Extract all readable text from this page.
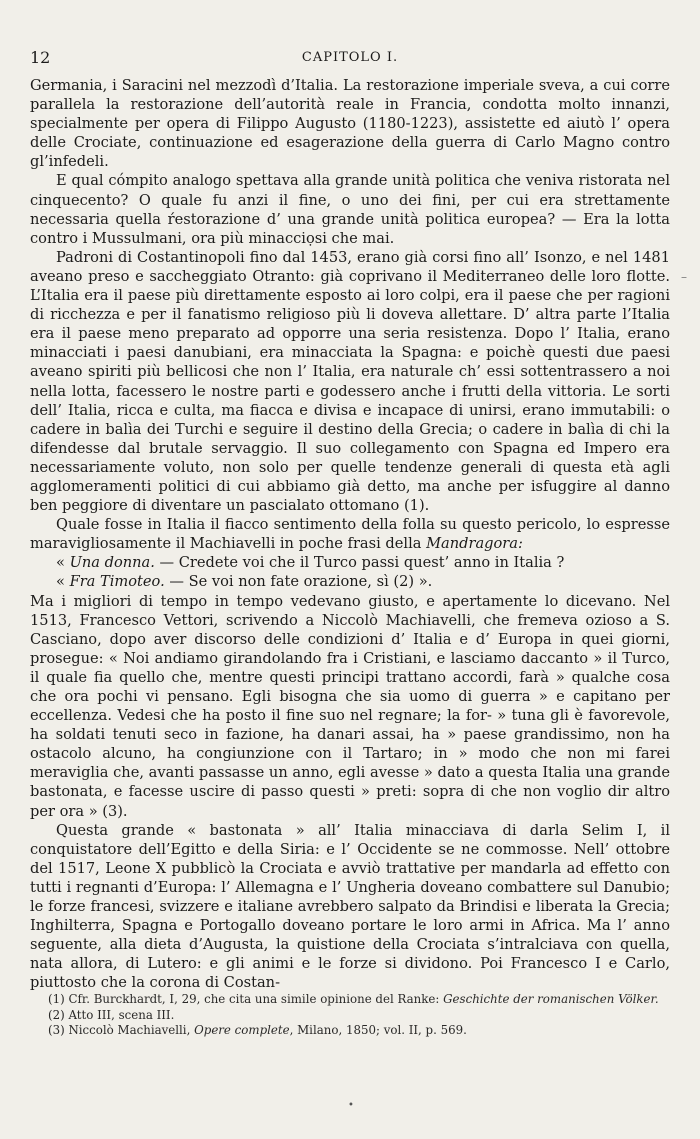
12	CAPITOLO I.

Germania, i Saracini nel mezzodì d’Italia. La restorazione imperiale sveva, a cui corre parallela la restorazione dell’autorità reale in Francia, condotta molto innanzi, specialmente per opera di Filippo Augusto (1180-1223), assistette ed aiutò l’ opera delle Crociate, continuazione ed esagerazione della guerra di Carlo Magno contro gl’infedeli.

E qual cómpito analogo spettava alla grande unità politica che veniva ristorata nel cinquecento? O quale fu anzi il fine, o uno dei fini, per cui era strettamente necessaria quella ŕestorazione d’ una grande unità politica europea? — Era la lotta contro i Mussulmani, ora più minacciọsi che mai.

Padroni di Costantinopoli fino dal 1453, erano già corsi fino all’ Isonzo, e nel 1481 aveano preso e saccheggiato Otranto: già coprivano il Mediterraneo delle loro flotte. L’Italia era il paese più direttamente esposto ai loro colpi, era il paese che per ragioni di ricchezza e per il fanatismo religioso più li doveva allettare. D’ altra parte l’Italia era il paese meno preparato ad opporre una seria resistenza. Dopo l’ Italia, erano minacciati i paesi danubiani, era minacciata la Spagna: e poichè questi due paesi aveano spiriti più bellicosi che non l’ Italia, era naturale ch’ essi sottentrassero a noi nella lotta, facessero le nostre parti e godessero anche i frutti della vittoria. Le sorti dell’ Italia, ricca e culta, ma fiacca e divisa e incapace di unirsi, erano immutabili: o cadere in balìa dei Turchi e seguire il destino della Grecia; o cadere in balìa di chi la difendesse dal brutale servaggio. Il suo collegamento con Spagna ed Impero era necessariamente voluto, non solo per quelle tendenze generali di questa età agli agglomeramenti politici di cui abbiamo già detto, ma anche per isfuggire al danno ben peggiore di diventare un pascialato ottomano (1).

Quale fosse in Italia il fiacco sentimento della folla su questo pericolo, lo espresse maravigliosamente il Machiavelli in poche frasi della Mandragora:

« Una donna. — Credete voi che il Turco passi quest’ anno in Italia ?

« Fra Timoteo. — Se voi non fate orazione, sì (2) ».

Ma i migliori di tempo in tempo vedevano giusto, e apertamente lo dicevano. Nel 1513, Francesco Vettori, scrivendo a Niccolò Machiavelli, che fremeva ozioso a S. Casciano, dopo aver discorso delle condizioni d’ Italia e d’ Europa in quei giorni, prosegue: « Noi andiamo girandolando fra i Cristiani, e lasciamo daccanto » il Turco, il quale fia quello che, mentre questi principi trattano accordi, farà » qualche cosa che ora pochi vi pensano. Egli bisogna che sia uomo di guerra » e capitano per eccellenza. Vedesi che ha posto il fine suo nel regnare; la for- » tuna gli è favorevole, ha soldati tenuti seco in fazione, ha danari assai, ha » paese grandissimo, non ha ostacolo alcuno, ha congiunzione con il Tartaro; in » modo che non mi farei meraviglia che, avanti passasse un anno, egli avesse » dato a questa Italia una grande bastonata, e facesse uscire di passo questi » preti: sopra di che non voglio dir altro per ora » (3).

Questa grande « bastonata » all’ Italia minacciava di darla Selim I, il conquistatore dell’Egitto e della Siria: e l’ Occidente se ne commosse. Nell’ ottobre del 1517, Leone X pubblicò la Crociata e avviò trattative per mandarla ad effetto con tutti i regnanti d’Europa: l’ Allemagna e l’ Ungheria doveano combattere sul Danubio; le forze francesi, svizzere e italiane avrebbero salpato da Brindisi e liberata la Grecia; Inghilterra, Spagna e Portogallo doveano portare le loro armi in Africa. Ma l’ anno seguente, alla dieta d’Augusta, la quistione della Crociata s’intralciava con quella, nata allora, di Lutero: e gli animi e le forze si dividono. Poi Francesco I e Carlo, piuttosto che la corona di Costan-

–

(1) Cfr. Burckhardt, I, 29, che cita una simile opinione del Ranke: Geschichte der romanischen Völker.

(2) Atto III, scena III.

(3) Niccolò Machiavelli, Opere complete, Milano, 1850; vol. II, p. 569.

•
